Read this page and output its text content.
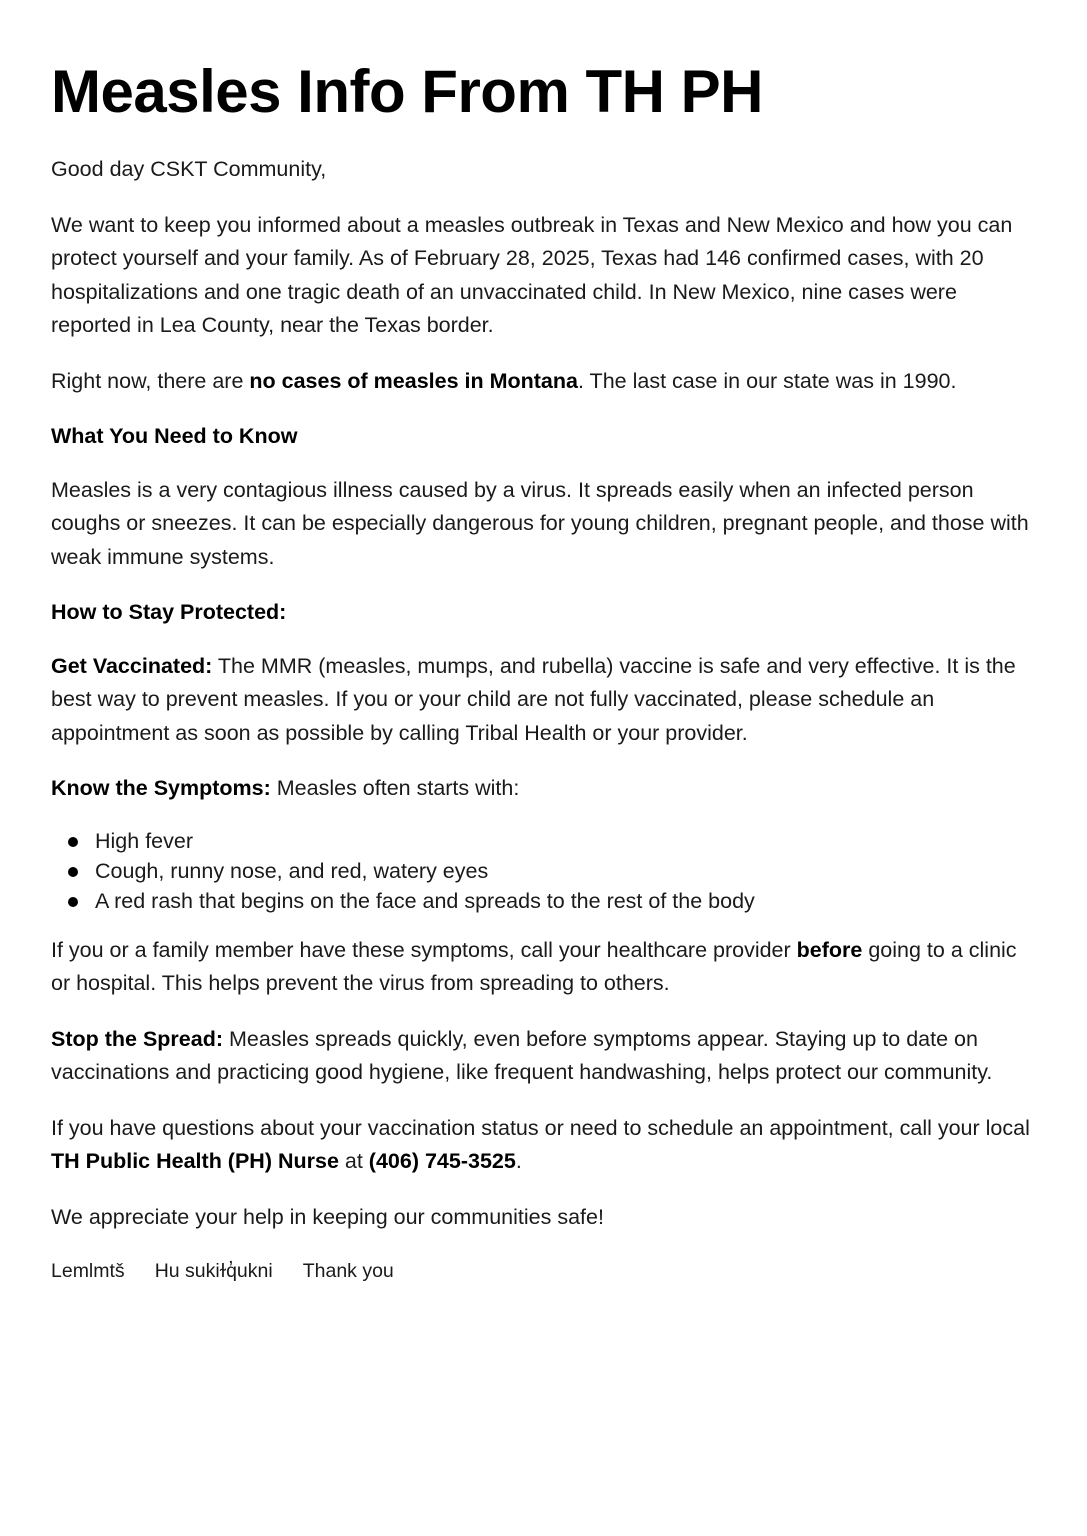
Measles Info From TH PH

Good day CSKT Community,

We want to keep you informed about a measles outbreak in Texas and New Mexico and how you can protect yourself and your family. As of February 28, 2025, Texas had 146 confirmed cases, with 20 hospitalizations and one tragic death of an unvaccinated child. In New Mexico, nine cases were reported in Lea County, near the Texas border.

Right now, there are no cases of measles in Montana. The last case in our state was in 1990.

What You Need to Know

Measles is a very contagious illness caused by a virus. It spreads easily when an infected person coughs or sneezes. It can be especially dangerous for young children, pregnant people, and those with weak immune systems.

How to Stay Protected:

Get Vaccinated: The MMR (measles, mumps, and rubella) vaccine is safe and very effective. It is the best way to prevent measles. If you or your child are not fully vaccinated, please schedule an appointment as soon as possible by calling Tribal Health or your provider.

Know the Symptoms: Measles often starts with:

High fever
Cough, runny nose, and red, watery eyes
A red rash that begins on the face and spreads to the rest of the body

If you or a family member have these symptoms, call your healthcare provider before going to a clinic or hospital. This helps prevent the virus from spreading to others.

Stop the Spread: Measles spreads quickly, even before symptoms appear. Staying up to date on vaccinations and practicing good hygiene, like frequent handwashing, helps protect our community.

If you have questions about your vaccination status or need to schedule an appointment, call your local TH Public Health (PH) Nurse at (406) 745-3525.

We appreciate your help in keeping our communities safe!

Lemlmtš Hu sukiɫq̓ukni Thank you
